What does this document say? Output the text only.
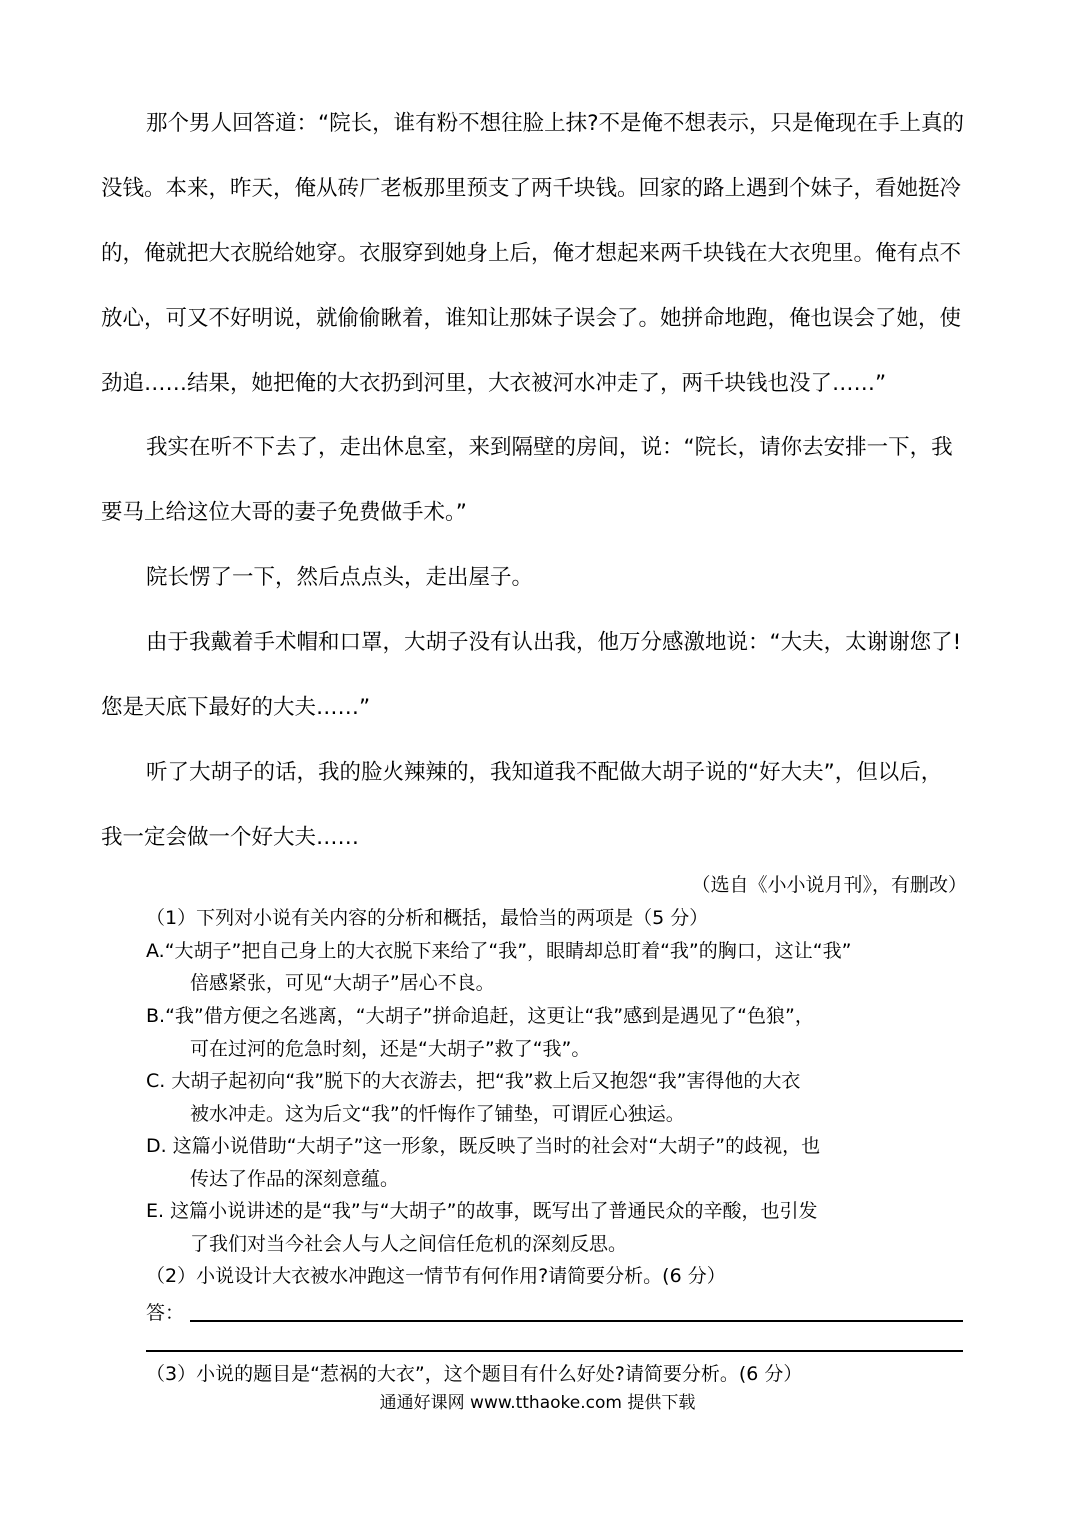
那个男人回答道：“院长，谁有粉不想往脸上抹?不是俺不想表示，只是俺现在手上真的
没钱。本来，昨天，俺从砖厂老板那里预支了两千块钱。回家的路上遇到个妹子，看她挺冷
的，俺就把大衣脱给她穿。衣服穿到她身上后，俺才想起来两千块钱在大衣兜里。俺有点不
放心，可又不好明说，就偷偷瞅着，谁知让那妹子误会了。她拼命地跑，俺也误会了她，使
劲追……结果，她把俺的大衣扔到河里，大衣被河水冲走了，两千块钱也没了……”
我实在听不下去了，走出休息室，来到隔壁的房间，说：“院长，请你去安排一下，我
要马上给这位大哥的妻子免费做手术。”
院长愣了一下，然后点点头，走出屋子。
由于我戴着手术帽和口罩，大胡子没有认出我，他万分感激地说：“大夫，太谢谢您了!
您是天底下最好的大夫……”
听了大胡子的话，我的脸火辣辣的，我知道我不配做大胡子说的“好大夫”，但以后，
我一定会做一个好大夫……
（选自《小小说月刊》，有删改）
（1）下列对小说有关内容的分析和概括，最恰当的两项是（5 分）
A.“大胡子”把自己身上的大衣脱下来给了“我”，眼睛却总盯着“我”的胸口，这让“我”
倍感紧张，可见“大胡子”居心不良。
B.“我”借方便之名逃离，“大胡子”拼命追赶，这更让“我”感到是遇见了“色狼”，
可在过河的危急时刻，还是“大胡子”救了“我”。
C. 大胡子起初向“我”脱下的大衣游去，把“我”救上后又抱怨“我”害得他的大衣
被水冲走。这为后文“我”的忏悔作了铺垫，可谓匠心独运。
D. 这篇小说借助“大胡子”这一形象，既反映了当时的社会对“大胡子”的歧视，也
传达了作品的深刻意蕴。
E. 这篇小说讲述的是“我”与“大胡子”的故事，既写出了普通民众的辛酸，也引发
了我们对当今社会人与人之间信任危机的深刻反思。
（2）小说设计大衣被水冲跑这一情节有何作用?请简要分析。(6 分）
答：
（3）小说的题目是“惹祸的大衣”，这个题目有什么好处?请简要分析。(6 分）
通通好课网 www.tthaoke.com 提供下载
